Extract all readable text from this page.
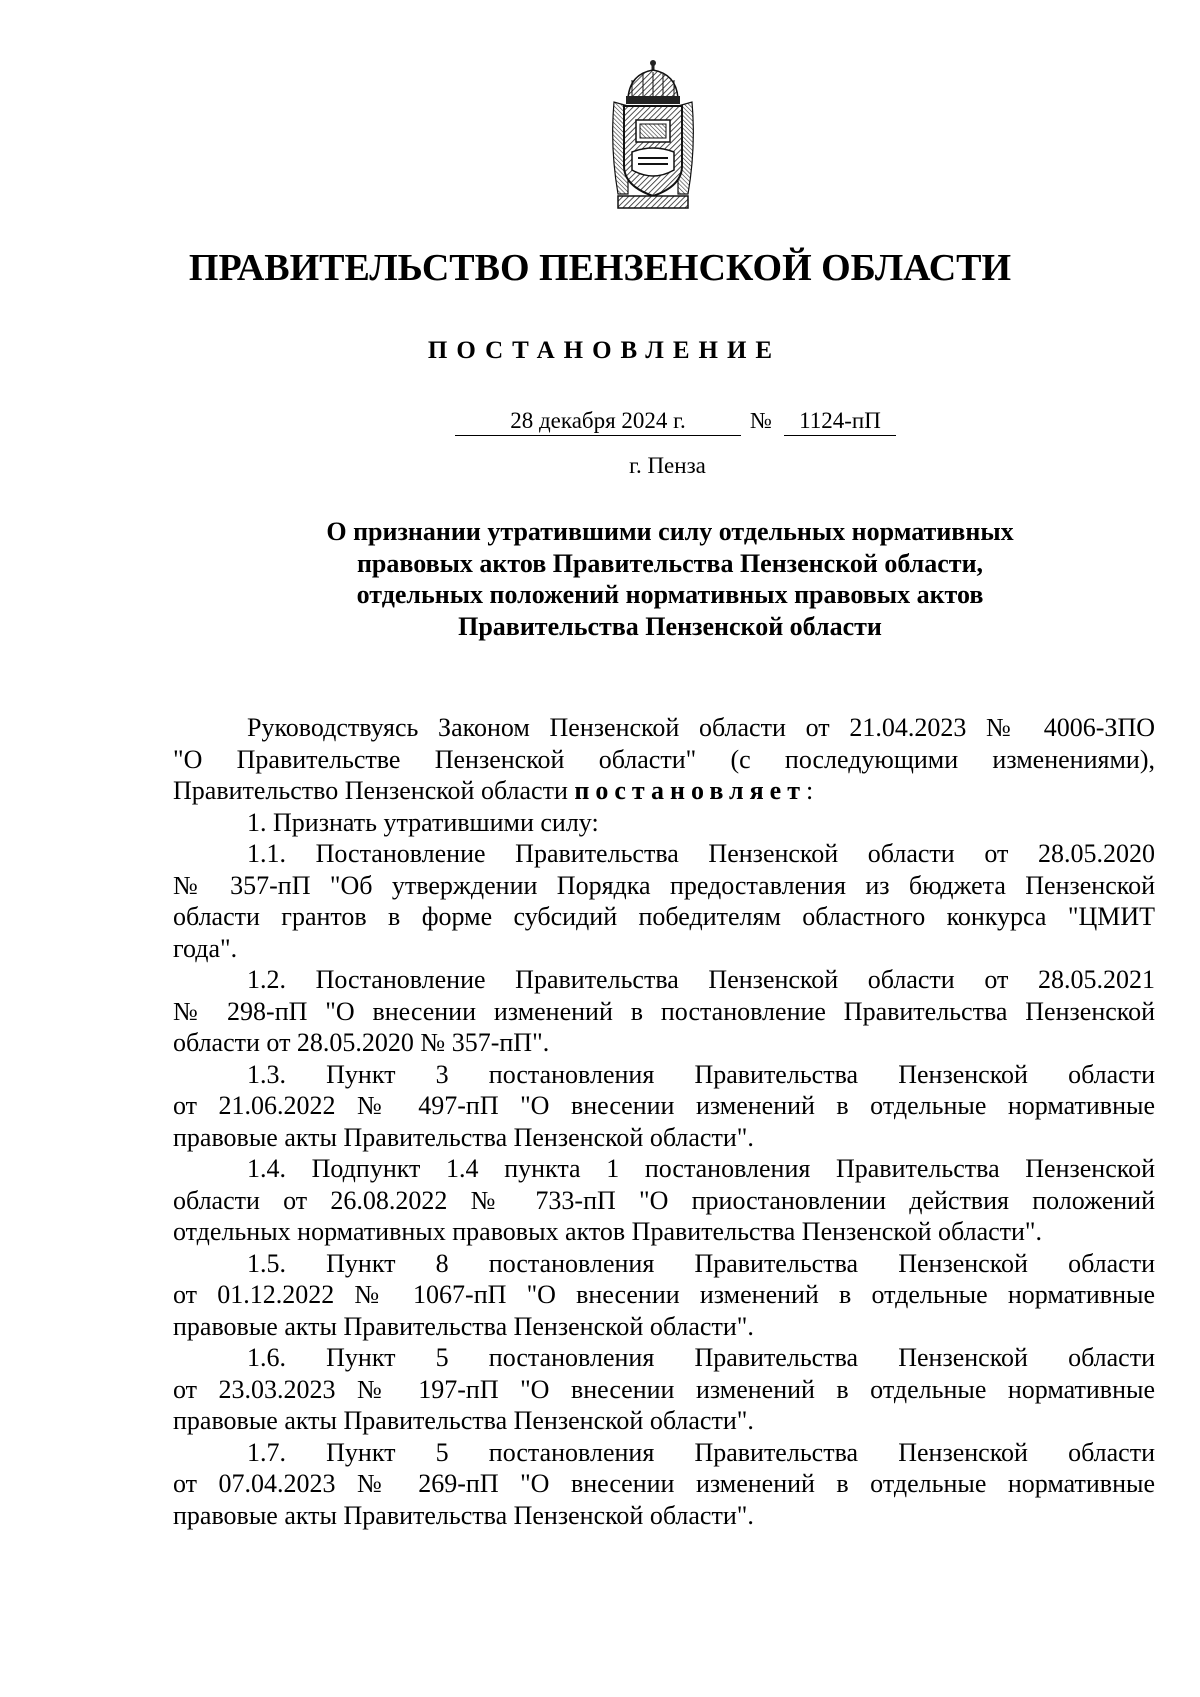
ПРАВИТЕЛЬСТВО ПЕНЗЕНСКОЙ ОБЛАСТИ
ПОСТАНОВЛЕНИЕ
28 декабря 2024 г.	№	1124-пП
г. Пенза
О признании утратившими силу отдельных нормативных
правовых актов Правительства Пензенской области,
отдельных положений нормативных правовых актов
Правительства Пензенской области

Руководствуясь Законом Пензенской области от 21.04.2023 № 4006-ЗПО
"О Правительстве Пензенской области" (с последующими изменениями),
Правительство Пензенской области постановляет:

1. Признать утратившими силу:

1.1. Постановление Правительства Пензенской области от 28.05.2020
№ 357-пП "Об утверждении Порядка предоставления из бюджета Пензенской
области грантов в форме субсидий победителям областного конкурса "ЦМИТ
года".

1.2. Постановление Правительства Пензенской области от 28.05.2021
№ 298-пП "О внесении изменений в постановление Правительства Пензенской
области от 28.05.2020 № 357-пП".

1.3. Пункт 3 постановления Правительства Пензенской области
от 21.06.2022 № 497-пП "О внесении изменений в отдельные нормативные
правовые акты Правительства Пензенской области".

1.4. Подпункт 1.4 пункта 1 постановления Правительства Пензенской
области от 26.08.2022 № 733-пП "О приостановлении действия положений
отдельных нормативных правовых актов Правительства Пензенской области".

1.5. Пункт 8 постановления Правительства Пензенской области
от 01.12.2022 № 1067-пП "О внесении изменений в отдельные нормативные
правовые акты Правительства Пензенской области".

1.6. Пункт 5 постановления Правительства Пензенской области
от 23.03.2023 № 197-пП "О внесении изменений в отдельные нормативные
правовые акты Правительства Пензенской области".

1.7. Пункт 5 постановления Правительства Пензенской области
от 07.04.2023 № 269-пП "О внесении изменений в отдельные нормативные
правовые акты Правительства Пензенской области".
